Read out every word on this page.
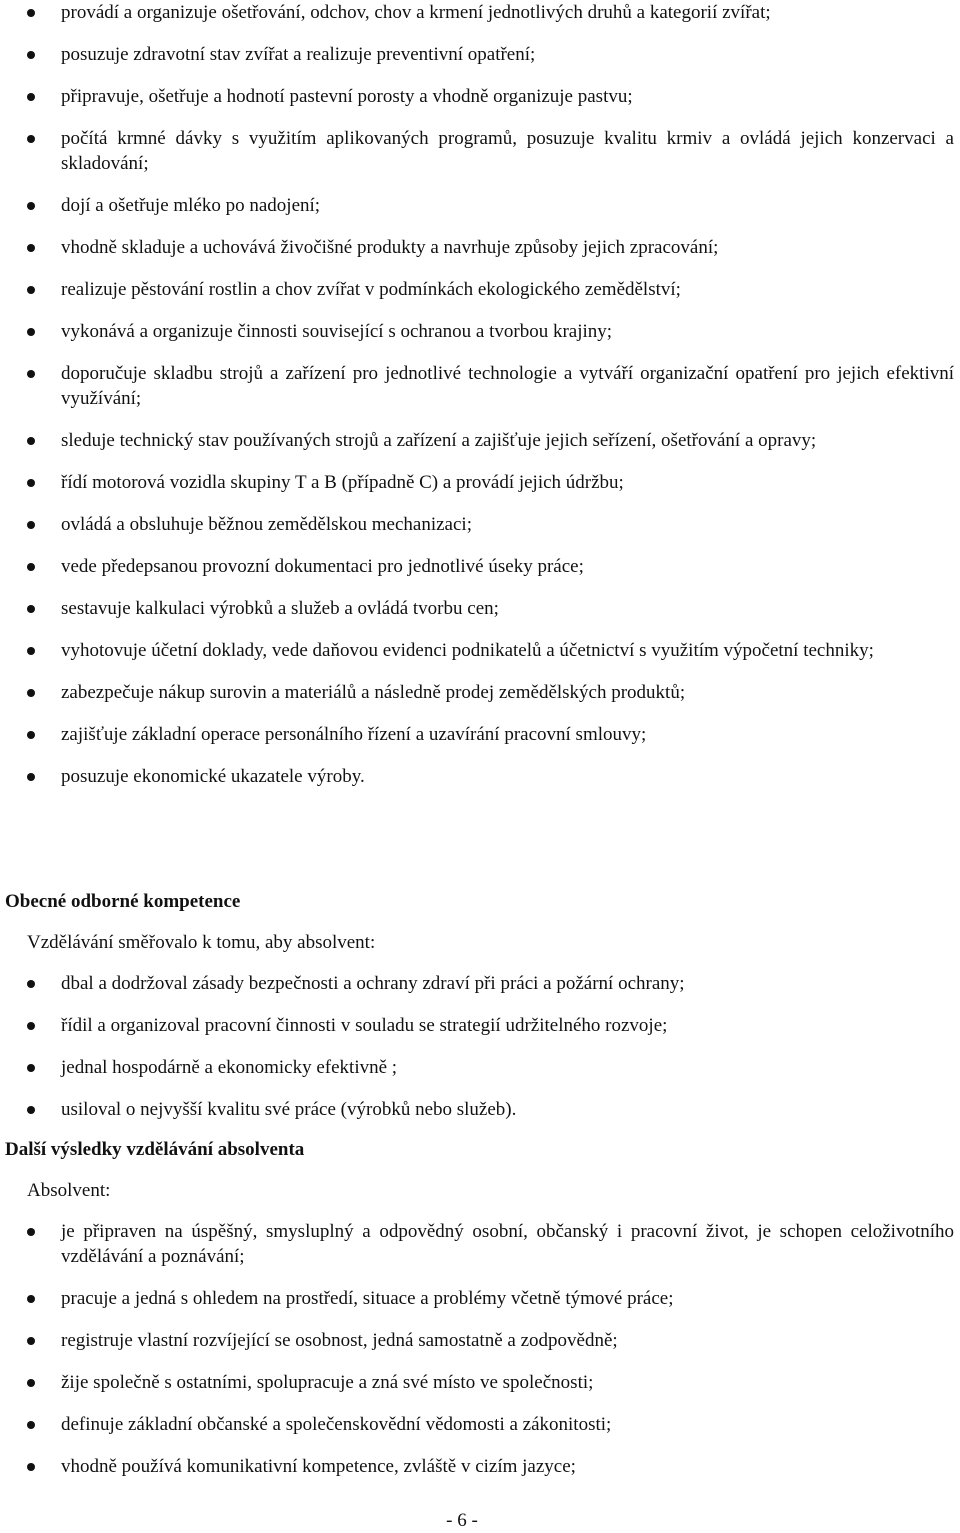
provádí a organizuje ošetřování, odchov, chov a krmení jednotlivých druhů a kategorií zvířat;
posuzuje zdravotní stav zvířat a realizuje preventivní opatření;
připravuje, ošetřuje a hodnotí pastevní porosty a vhodně organizuje pastvu;
počítá krmné dávky s využitím aplikovaných programů, posuzuje kvalitu krmiv a ovládá jejich konzervaci a skladování;
dojí a ošetřuje mléko po nadojení;
vhodně skladuje a uchovává živočišné produkty a navrhuje způsoby jejich zpracování;
realizuje pěstování rostlin a chov zvířat v podmínkách ekologického zemědělství;
vykonává a organizuje činnosti související s ochranou a tvorbou krajiny;
doporučuje skladbu strojů a zařízení pro jednotlivé technologie a vytváří organizační opatření pro jejich efektivní využívání;
sleduje technický stav používaných strojů a zařízení a zajišťuje jejich seřízení, ošetřování a opravy;
řídí motorová vozidla skupiny T a B (případně C) a provádí jejich údržbu;
ovládá a obsluhuje běžnou zemědělskou mechanizaci;
vede předepsanou provozní dokumentaci pro jednotlivé úseky práce;
sestavuje kalkulaci výrobků a služeb a ovládá tvorbu cen;
vyhotovuje účetní doklady, vede daňovou evidenci podnikatelů a účetnictví s využitím výpočetní techniky;
zabezpečuje nákup surovin a materiálů a následně prodej zemědělských produktů;
zajišťuje základní operace personálního řízení a uzavírání pracovní smlouvy;
posuzuje ekonomické ukazatele výroby.
Obecné odborné kompetence
Vzdělávání směřovalo k tomu, aby absolvent:
dbal a dodržoval zásady bezpečnosti a ochrany zdraví při práci a požární ochrany;
řídil a organizoval pracovní činnosti v souladu se strategií udržitelného rozvoje;
jednal hospodárně a ekonomicky efektivně ;
usiloval o nejvyšší kvalitu své práce (výrobků nebo služeb).
Další výsledky vzdělávání absolventa
Absolvent:
je připraven na úspěšný, smysluplný a odpovědný osobní, občanský i pracovní život, je schopen celoživotního vzdělávání a poznávání;
pracuje a jedná s ohledem na prostředí, situace a problémy včetně týmové práce;
registruje vlastní rozvíjející se osobnost, jedná samostatně a zodpovědně;
žije společně s ostatními, spolupracuje a zná své místo ve společnosti;
definuje základní občanské a společenskovědní vědomosti a zákonitosti;
vhodně používá komunikativní kompetence, zvláště v cizím jazyce;
- 6 -
